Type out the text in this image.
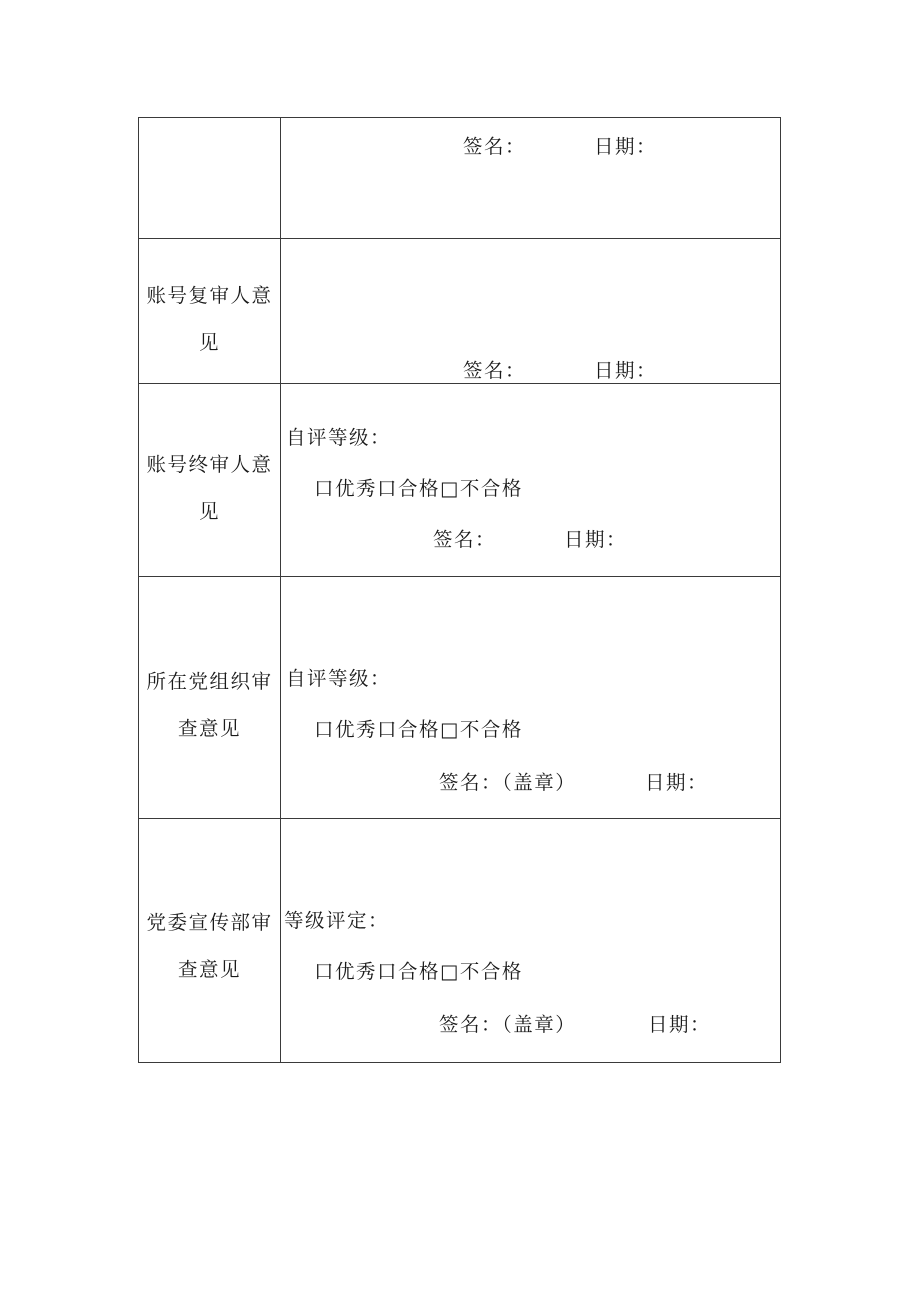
	签名： 日期：

账号复审人意
见	签名： 日期：

账号终审人意
见	自评等级：
口优秀口合格□不合格
签名： 日期：

所在党组织审
查意见	自评等级：
口优秀口合格□不合格
签名：（盖章） 日期：

党委宣传部审
查意见	等级评定：
口优秀口合格□不合格
签名：（盖章） 日期：
